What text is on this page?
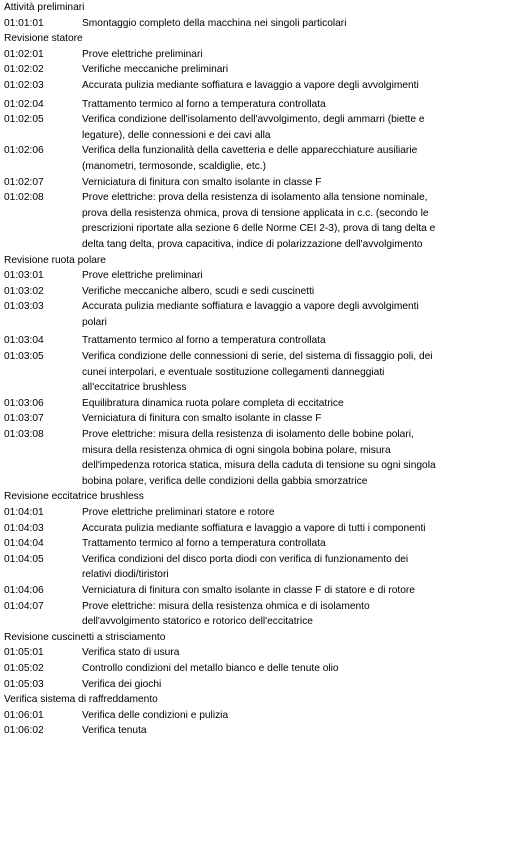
Attività preliminari
01:01:01	Smontaggio completo della macchina nei singoli particolari
Revisione statore
01:02:01	Prove elettriche preliminari
01:02:02	Verifiche meccaniche preliminari
01:02:03	Accurata pulizia mediante soffiatura e lavaggio a vapore degli avvolgimenti
01:02:04	Trattamento termico al forno a temperatura controllata
01:02:05	Verifica condizione dell'isolamento dell'avvolgimento, degli ammarri (biette e legature), delle connessioni e dei cavi alla
01:02:06	Verifica della funzionalità della cavetteria e delle apparecchiature ausiliarie (manometri, termosonde, scaldiglie, etc.)
01:02:07	Verniciatura di finitura con smalto isolante in classe F
01:02:08	Prove elettriche: prova della resistenza di isolamento alla tensione nominale, prova della resistenza ohmica, prova di tensione applicata in c.c. (secondo le prescrizioni riportate alla sezione 6 delle Norme CEI 2-3), prova di tang delta e delta tang delta, prova capacitiva, indice di polarizzazione dell'avvolgimento
Revisione ruota polare
01:03:01	Prove elettriche preliminari
01:03:02	Verifiche meccaniche albero, scudi e sedi cuscinetti
01:03:03	Accurata pulizia mediante soffiatura e lavaggio a vapore degli avvolgimenti polari
01:03:04	Trattamento termico al forno a temperatura controllata
01:03:05	Verifica condizione delle connessioni di serie, del sistema di fissaggio poli, dei cunei interpolari, e eventuale sostituzione collegamenti danneggiati all'eccitatrice brushless
01:03:06	Equilibratura dinamica ruota polare completa di eccitatrice
01:03:07	Verniciatura di finitura con smalto isolante in classe F
01:03:08	Prove elettriche: misura della resistenza di isolamento delle bobine polari, misura della resistenza ohmica di ogni singola bobina polare, misura dell'impedenza rotorica statica, misura della caduta di tensione su ogni singola bobina polare, verifica delle condizioni della gabbia smorzatrice
Revisione eccitatrice brushless
01:04:01	Prove elettriche preliminari statore e rotore
01:04:03	Accurata pulizia mediante soffiatura e lavaggio a vapore di tutti i componenti
01:04:04	Trattamento termico al forno a temperatura controllata
01:04:05	Verifica condizioni del disco porta diodi con verifica di funzionamento dei relativi diodi/tiristori
01:04:06	Verniciatura di finitura con smalto isolante in classe F di statore e di rotore
01:04:07	Prove elettriche: misura della resistenza ohmica e di isolamento dell'avvolgimento statorico e rotorico dell'eccitatrice
Revisione cuscinetti a strisciamento
01:05:01	Verifica stato di usura
01:05:02	Controllo condizioni del metallo bianco e delle tenute olio
01:05:03	Verifica dei giochi
Verifica sistema di raffreddamento
01:06:01	Verifica delle condizioni e pulizia
01:06:02	Verifica tenuta
